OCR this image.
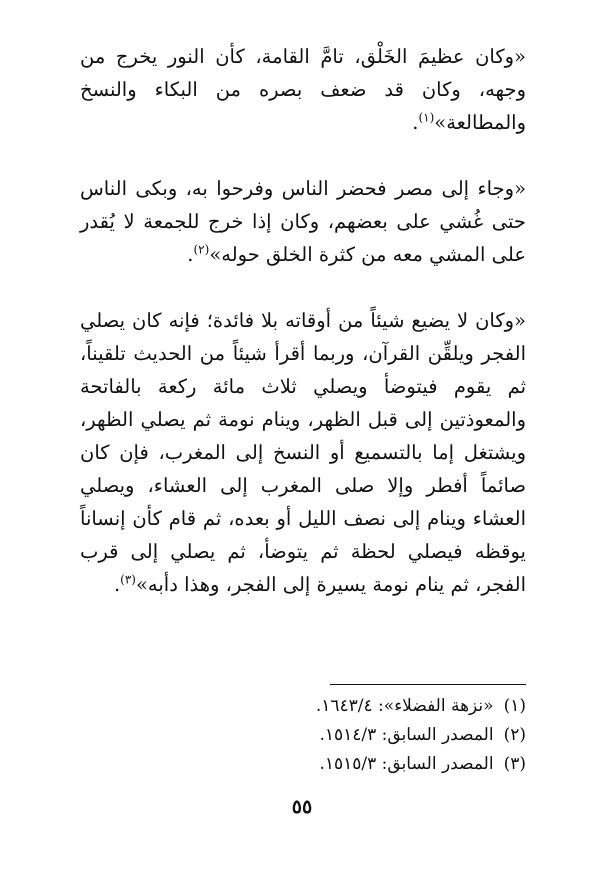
«وكان عظيمَ الخَلْق، تامَّ القامة، كأن النور يخرج من وجهه، وكان قد ضعف بصره من البكاء والنسخ والمطالعة»$^{(١)}$.

«وجاء إلى مصر فحضر الناس وفرحوا به، وبكى الناس حتى غُشي على بعضهم، وكان إذا خرج للجمعة لا يُقدر على المشي معه من كثرة الخلق حوله»$^{(٢)}$.

«وكان لا يضيع شيئاً من أوقاته بلا فائدة؛ فإنه كان يصلي الفجر ويلقِّن القرآن، وربما أقرأ شيئاً من الحديث تلقيناً، ثم يقوم فيتوضأ ويصلي ثلاث مائة ركعة بالفاتحة والمعوذتين إلى قبل الظهر، وينام نومة ثم يصلي الظهر، ويشتغل إما بالتسميع أو النسخ إلى المغرب، فإن كان صائماً أفطر وإلا صلى المغرب إلى العشاء، ويصلي العشاء وينام إلى نصف الليل أو بعده، ثم قام كأن إنساناً يوقظه فيصلي لحظة ثم يتوضأ، ثم يصلي إلى قرب الفجر، ثم ينام نومة يسيرة إلى الفجر، وهذا دأبه»$^{(٣)}$.

(١)«نزهة الفضلاء»: ١٦٤٣/٤.
(٢)المصدر السابق: ١٥١٤/٣.
(٣)المصدر السابق: ١٥١٥/٣.
٥٥
